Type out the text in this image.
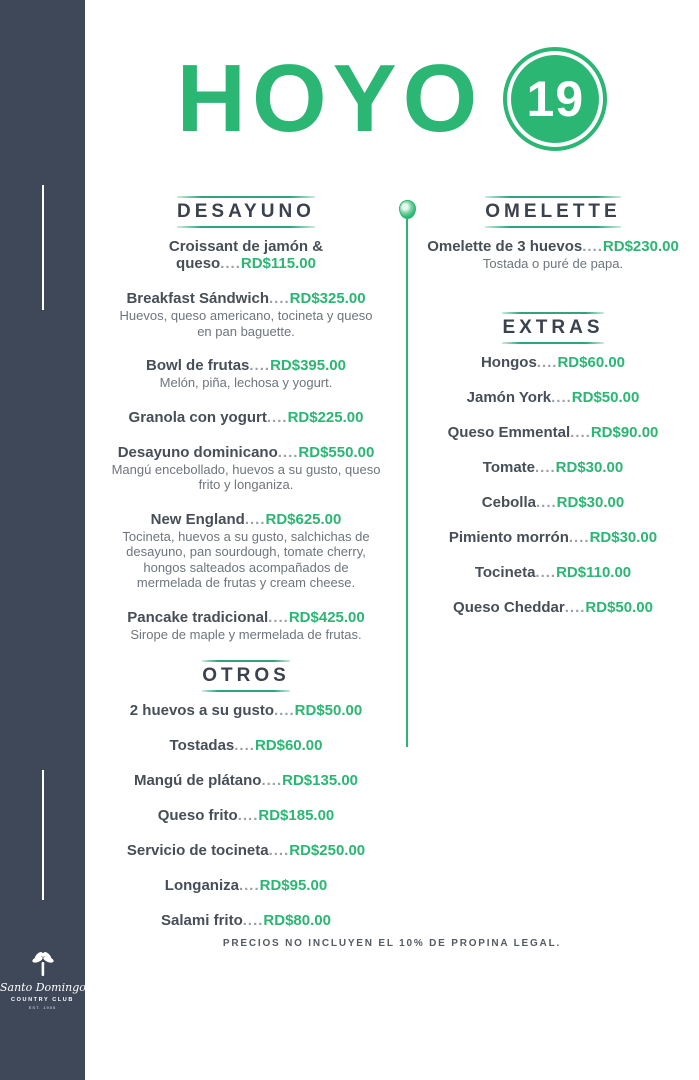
MENÚ
Santo Domingo
COUNTRY CLUB
EST. 1905
HOYO 19
DESAYUNO

Croissant de jamón & queso....RD$115.00

Breakfast Sándwich....RD$325.00

Huevos, queso americano, tocineta y queso en pan baguette.

Bowl de frutas....RD$395.00

Melón, piña, lechosa y yogurt.

Granola con yogurt....RD$225.00

Desayuno dominicano....RD$550.00

Mangú encebollado, huevos a su gusto, queso frito y longaniza.

New England....RD$625.00

Tocineta, huevos a su gusto, salchichas de desayuno, pan sourdough, tomate cherry, hongos salteados acompañados de mermelada de frutas y cream cheese.

Pancake tradicional....RD$425.00

Sirope de maple y mermelada de frutas.

OTROS

2 huevos a su gusto....RD$50.00

Tostadas....RD$60.00

Mangú de plátano....RD$135.00

Queso frito....RD$185.00

Servicio de tocineta....RD$250.00

Longaniza....RD$95.00

Salami frito....RD$80.00

OMELETTE

Omelette de 3 huevos....RD$230.00

Tostada o puré de papa.

EXTRAS

Hongos....RD$60.00

Jamón York....RD$50.00

Queso Emmental....RD$90.00

Tomate....RD$30.00

Cebolla....RD$30.00

Pimiento morrón....RD$30.00

Tocineta....RD$110.00

Queso Cheddar....RD$50.00

PRECIOS NO INCLUYEN EL 10% DE PROPINA LEGAL.
